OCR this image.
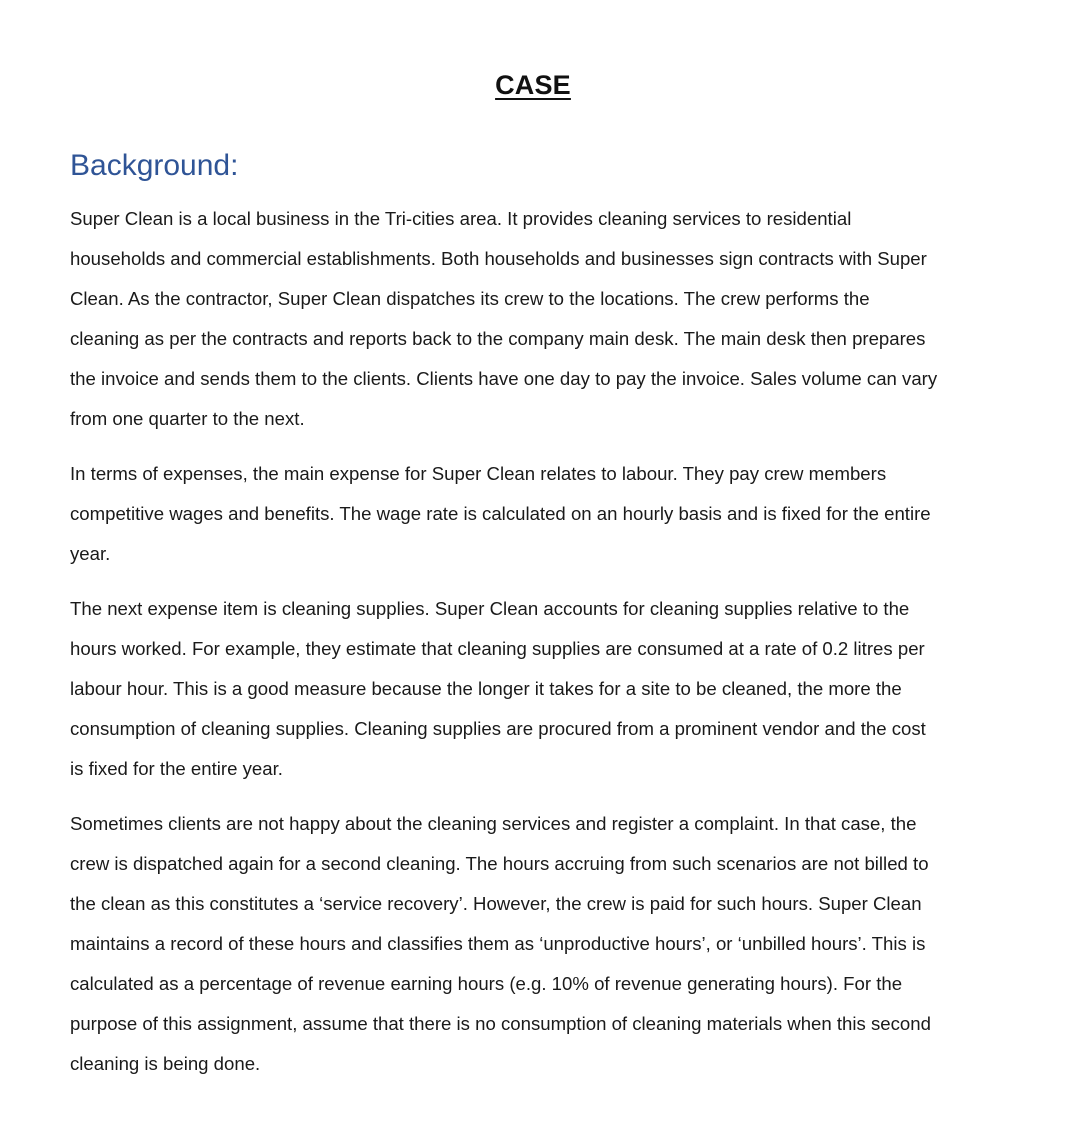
CASE
Background:

Super Clean is a local business in the Tri-cities area. It provides cleaning services to residential
households and commercial establishments. Both households and businesses sign contracts with Super
Clean. As the contractor, Super Clean dispatches its crew to the locations. The crew performs the
cleaning as per the contracts and reports back to the company main desk. The main desk then prepares
the invoice and sends them to the clients. Clients have one day to pay the invoice. Sales volume can vary
from one quarter to the next.

In terms of expenses, the main expense for Super Clean relates to labour. They pay crew members
competitive wages and benefits. The wage rate is calculated on an hourly basis and is fixed for the entire
year.

The next expense item is cleaning supplies. Super Clean accounts for cleaning supplies relative to the
hours worked. For example, they estimate that cleaning supplies are consumed at a rate of 0.2 litres per
labour hour. This is a good measure because the longer it takes for a site to be cleaned, the more the
consumption of cleaning supplies. Cleaning supplies are procured from a prominent vendor and the cost
is fixed for the entire year.

Sometimes clients are not happy about the cleaning services and register a complaint. In that case, the
crew is dispatched again for a second cleaning. The hours accruing from such scenarios are not billed to
the clean as this constitutes a ‘service recovery’. However, the crew is paid for such hours. Super Clean
maintains a record of these hours and classifies them as ‘unproductive hours’, or ‘unbilled hours’. This is
calculated as a percentage of revenue earning hours (e.g. 10% of revenue generating hours). For the
purpose of this assignment, assume that there is no consumption of cleaning materials when this second
cleaning is being done.
